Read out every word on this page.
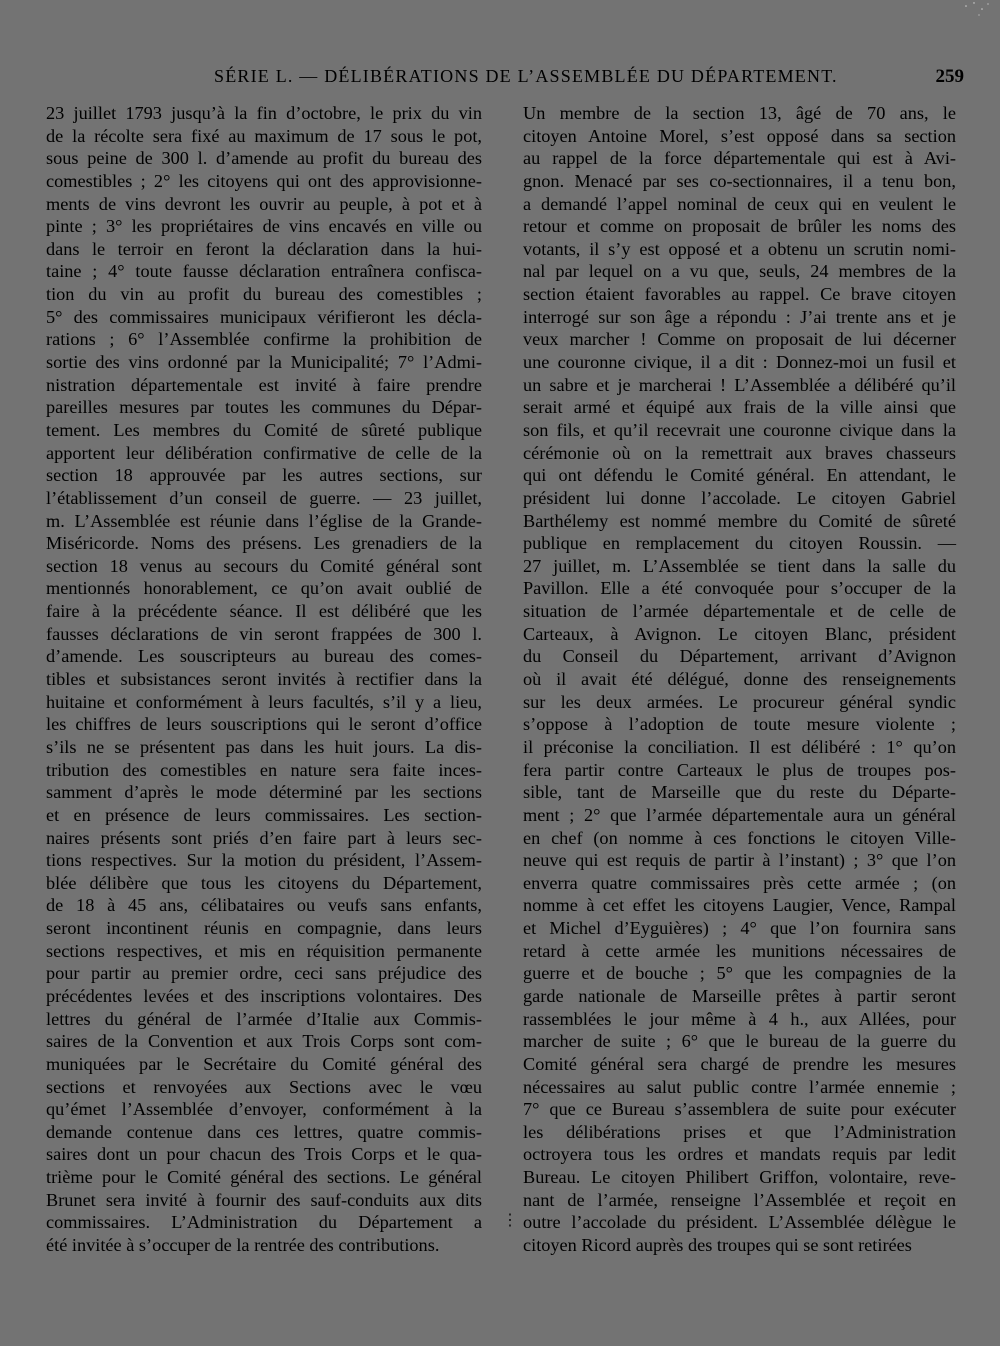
SÉRIE L. — DÉLIBÉRATIONS DE L’ASSEMBLÉE DU DÉPARTEMENT.	259
23 juillet 1793 jusqu’à la fin d’octobre, le prix du vin
de la récolte sera fixé au maximum de 17 sous le pot,
sous peine de 300 l. d’amende au profit du bureau des
comestibles ; 2° les citoyens qui ont des approvisionne-
ments de vins devront les ouvrir au peuple, à pot et à
pinte ; 3° les propriétaires de vins encavés en ville ou
dans le terroir en feront la déclaration dans la hui-
taine ; 4° toute fausse déclaration entraînera confisca-
tion du vin au profit du bureau des comestibles ;
5° des commissaires municipaux vérifieront les décla-
rations ; 6° l’Assemblée confirme la prohibition de
sortie des vins ordonné par la Municipalité; 7° l’Admi-
nistration départementale est invité à faire prendre
pareilles mesures par toutes les communes du Dépar-
tement. Les membres du Comité de sûreté publique
apportent leur délibération confirmative de celle de la
section 18 approuvée par les autres sections, sur
l’établissement d’un conseil de guerre. — 23 juillet,
m. L’Assemblée est réunie dans l’église de la Grande-
Miséricorde. Noms des présens. Les grenadiers de la
section 18 venus au secours du Comité général sont
mentionnés honorablement, ce qu’on avait oublié de
faire à la précédente séance. Il est délibéré que les
fausses déclarations de vin seront frappées de 300 l.
d’amende. Les souscripteurs au bureau des comes-
tibles et subsistances seront invités à rectifier dans la
huitaine et conformément à leurs facultés, s’il y a lieu,
les chiffres de leurs souscriptions qui le seront d’office
s’ils ne se présentent pas dans les huit jours. La dis-
tribution des comestibles en nature sera faite inces-
samment d’après le mode déterminé par les sections
et en présence de leurs commissaires. Les section-
naires présents sont priés d’en faire part à leurs sec-
tions respectives. Sur la motion du président, l’Assem-
blée délibère que tous les citoyens du Département,
de 18 à 45 ans, célibataires ou veufs sans enfants,
seront incontinent réunis en compagnie, dans leurs
sections respectives, et mis en réquisition permanente
pour partir au premier ordre, ceci sans préjudice des
précédentes levées et des inscriptions volontaires. Des
lettres du général de l’armée d’Italie aux Commis-
saires de la Convention et aux Trois Corps sont com-
muniquées par le Secrétaire du Comité général des
sections et renvoyées aux Sections avec le vœu
qu’émet l’Assemblée d’envoyer, conformément à la
demande contenue dans ces lettres, quatre commis-
saires dont un pour chacun des Trois Corps et le qua-
trième pour le Comité général des sections. Le général
Brunet sera invité à fournir des sauf-conduits aux dits
commissaires. L’Administration du Département a
été invitée à s’occuper de la rentrée des contributions.
Un membre de la section 13, âgé de 70 ans, le
citoyen Antoine Morel, s’est opposé dans sa section
au rappel de la force départementale qui est à Avi-
gnon. Menacé par ses co-sectionnaires, il a tenu bon,
a demandé l’appel nominal de ceux qui en veulent le
retour et comme on proposait de brûler les noms des
votants, il s’y est opposé et a obtenu un scrutin nomi-
nal par lequel on a vu que, seuls, 24 membres de la
section étaient favorables au rappel. Ce brave citoyen
interrogé sur son âge a répondu : J’ai trente ans et je
veux marcher ! Comme on proposait de lui décerner
une couronne civique, il a dit : Donnez-moi un fusil et
un sabre et je marcherai ! L’Assemblée a délibéré qu’il
serait armé et équipé aux frais de la ville ainsi que
son fils, et qu’il recevrait une couronne civique dans la
cérémonie où on la remettrait aux braves chasseurs
qui ont défendu le Comité général. En attendant, le
président lui donne l’accolade. Le citoyen Gabriel
Barthélemy est nommé membre du Comité de sûreté
publique en remplacement du citoyen Roussin. —
27 juillet, m. L’Assemblée se tient dans la salle du
Pavillon. Elle a été convoquée pour s’occuper de la
situation de l’armée départementale et de celle de
Carteaux, à Avignon. Le citoyen Blanc, président
du Conseil du Département, arrivant d’Avignon
où il avait été délégué, donne des renseignements
sur les deux armées. Le procureur général syndic
s’oppose à l’adoption de toute mesure violente ;
il préconise la conciliation. Il est délibéré : 1° qu’on
fera partir contre Carteaux le plus de troupes pos-
sible, tant de Marseille que du reste du Départe-
ment ; 2° que l’armée départementale aura un général
en chef (on nomme à ces fonctions le citoyen Ville-
neuve qui est requis de partir à l’instant) ; 3° que l’on
enverra quatre commissaires près cette armée ; (on
nomme à cet effet les citoyens Laugier, Vence, Rampal
et Michel d’Eyguières) ; 4° que l’on fournira sans
retard à cette armée les munitions nécessaires de
guerre et de bouche ; 5° que les compagnies de la
garde nationale de Marseille prêtes à partir seront
rassemblées le jour même à 4 h., aux Allées, pour
marcher de suite ; 6° que le bureau de la guerre du
Comité général sera chargé de prendre les mesures
nécessaires au salut public contre l’armée ennemie ;
7° que ce Bureau s’assemblera de suite pour exécuter
les délibérations prises et que l’Administration
octroyera tous les ordres et mandats requis par ledit
Bureau. Le citoyen Philibert Griffon, volontaire, reve-
nant de l’armée, renseigne l’Assemblée et reçoit en
outre l’accolade du président. L’Assemblée délègue le
citoyen Ricord auprès des troupes qui se sont retirées
⋮
